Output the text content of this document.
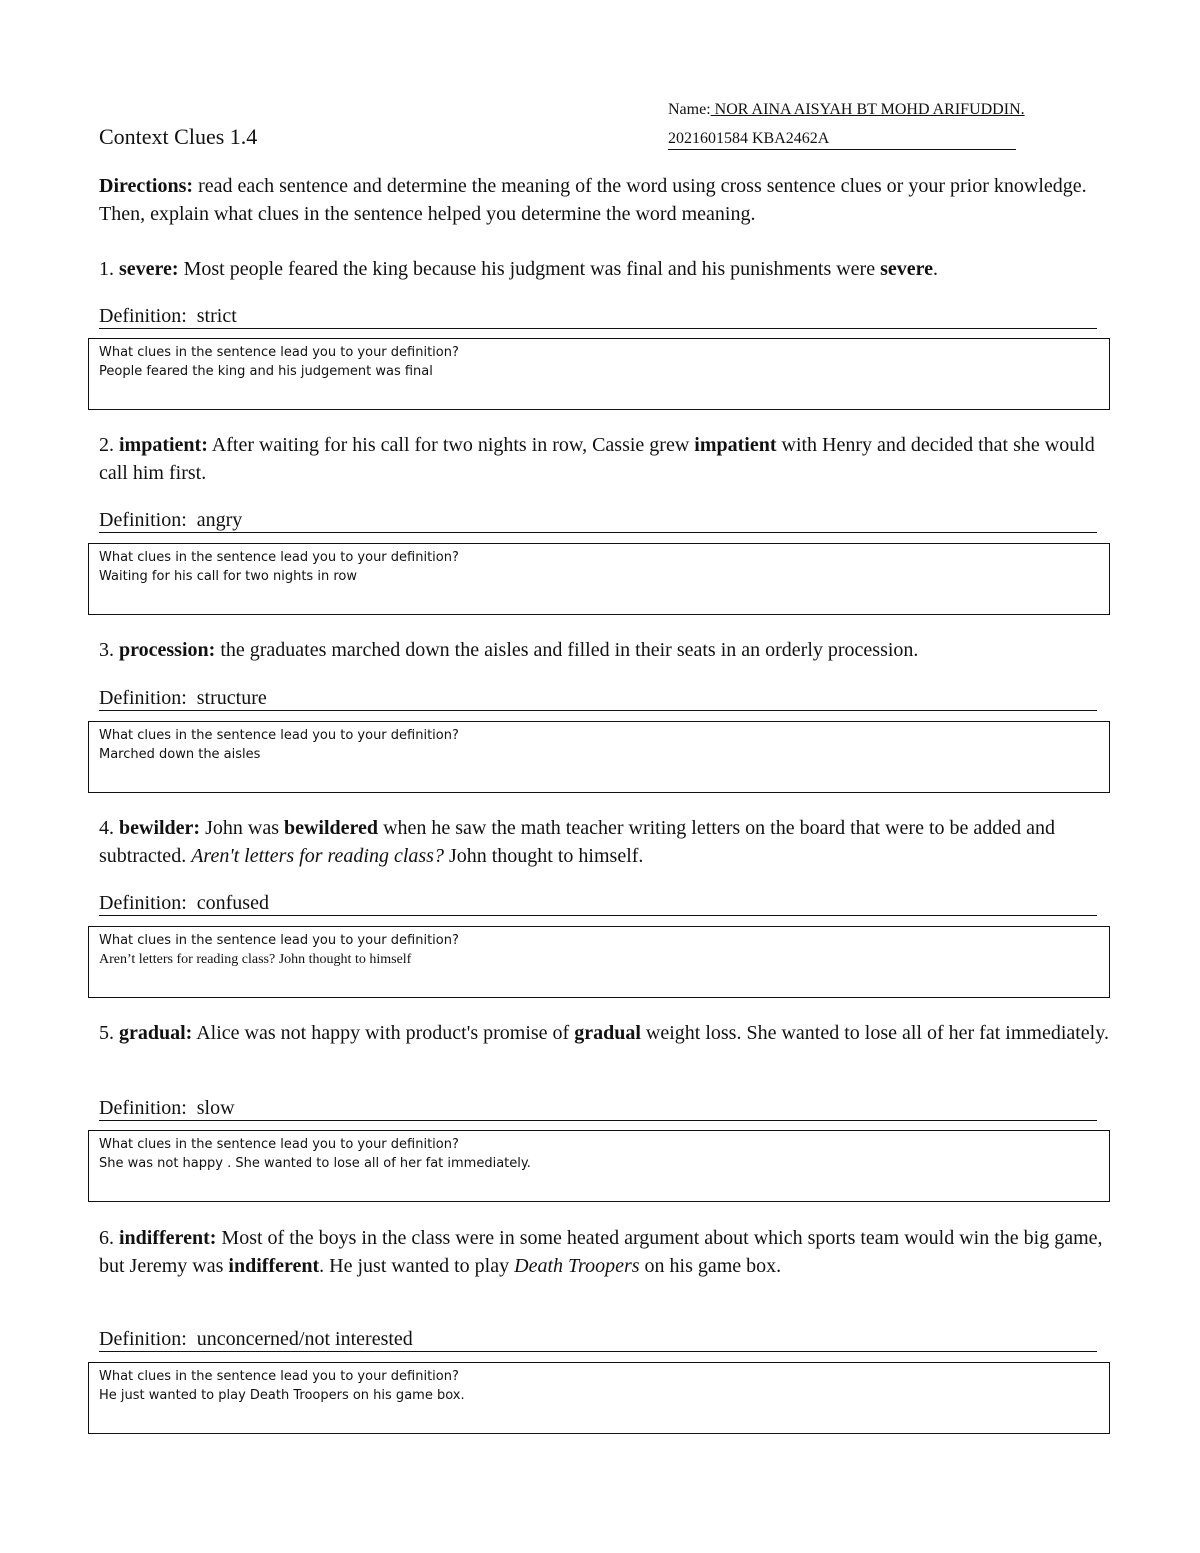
Context Clues 1.4
Name: NOR AINA AISYAH BT MOHD ARIFUDDIN.
2021601584 KBA2462A
Directions: read each sentence and determine the meaning of the word using cross sentence clues or your prior knowledge. Then, explain what clues in the sentence helped you determine the word meaning.
1. severe: Most people feared the king because his judgment was final and his punishments were severe.
Definition: strict
What clues in the sentence lead you to your definition?
People feared the king and his judgement was final
2. impatient: After waiting for his call for two nights in row, Cassie grew impatient with Henry and decided that she would call him first.
Definition: angry
What clues in the sentence lead you to your definition?
Waiting for his call for two nights in row
3. procession: the graduates marched down the aisles and filled in their seats in an orderly procession.
Definition: structure
What clues in the sentence lead you to your definition?
Marched down the aisles
4. bewilder: John was bewildered when he saw the math teacher writing letters on the board that were to be added and subtracted. Aren't letters for reading class? John thought to himself.
Definition: confused
What clues in the sentence lead you to your definition?
Aren’t letters for reading class? John thought to himself
5. gradual: Alice was not happy with product's promise of gradual weight loss. She wanted to lose all of her fat immediately.
Definition: slow
What clues in the sentence lead you to your definition?
She was not happy . She wanted to lose all of her fat immediately.
6. indifferent: Most of the boys in the class were in some heated argument about which sports team would win the big game, but Jeremy was indifferent. He just wanted to play Death Troopers on his game box.
Definition: unconcerned/not interested
What clues in the sentence lead you to your definition?
He just wanted to play Death Troopers on his game box.
